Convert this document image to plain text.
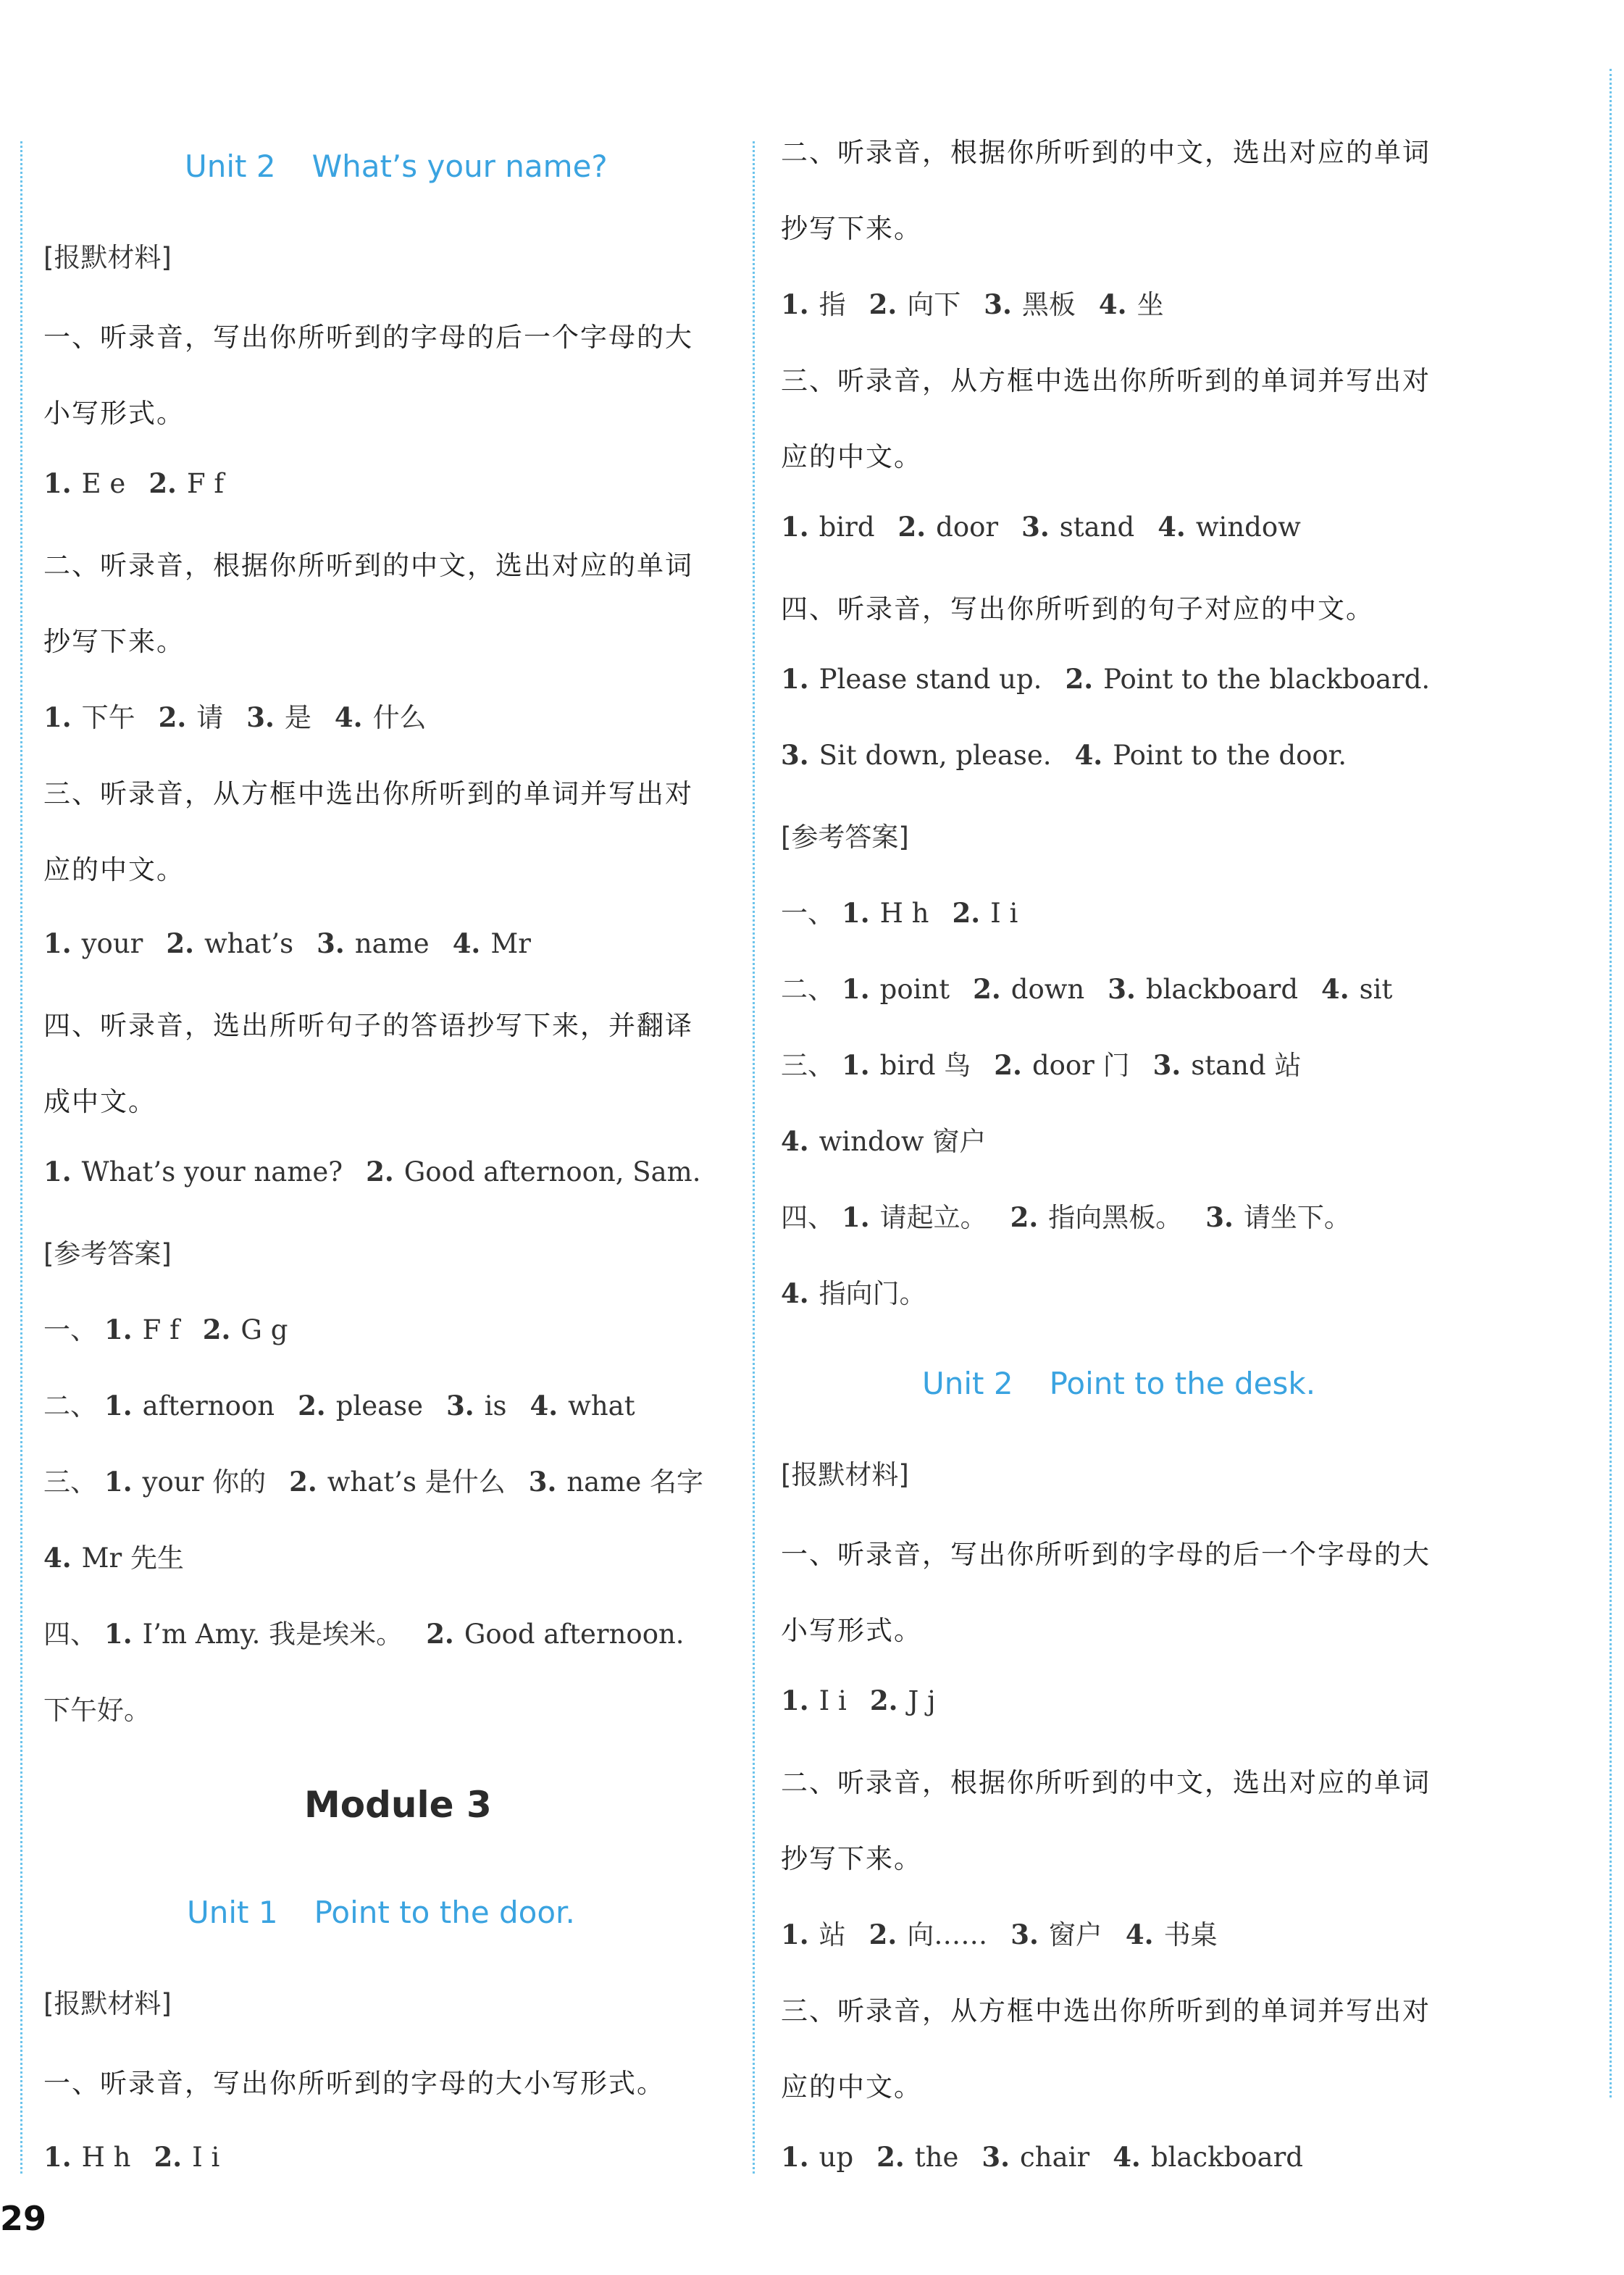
Unit 2 What’s your name?
[报默材料]
一、听录音，写出你所听到的字母的后一个字母的大
小写形式。
1. E e 2. F f
二、听录音，根据你所听到的中文，选出对应的单词
抄写下来。
1. 下午 2. 请 3. 是 4. 什么
三、听录音，从方框中选出你所听到的单词并写出对
应的中文。
1. your 2. what’s 3. name 4. Mr
四、听录音，选出所听句子的答语抄写下来，并翻译
成中文。
1. What’s your name? 2. Good afternoon, Sam.
[参考答案]
一、 1. F f 2. G g
二、 1. afternoon 2. please 3. is 4. what
三、 1. your 你的 2. what’s 是什么 3. name 名字
4. Mr 先生
四、 1. I’m Amy. 我是埃米。 2. Good afternoon.
下午好。
Module 3
Unit 1 Point to the door.
[报默材料]
一、听录音，写出你所听到的字母的大小写形式。
1. H h 2. I i
二、听录音，根据你所听到的中文，选出对应的单词
抄写下来。
1. 指 2. 向下 3. 黑板 4. 坐
三、听录音，从方框中选出你所听到的单词并写出对
应的中文。
1. bird 2. door 3. stand 4. window
四、听录音，写出你所听到的句子对应的中文。
1. Please stand up. 2. Point to the blackboard.
3. Sit down, please. 4. Point to the door.
[参考答案]
一、 1. H h 2. I i
二、 1. point 2. down 3. blackboard 4. sit
三、 1. bird 鸟 2. door 门 3. stand 站
4. window 窗户
四、 1. 请起立。 2. 指向黑板。 3. 请坐下。
4. 指向门。
Unit 2 Point to the desk.
[报默材料]
一、听录音，写出你所听到的字母的后一个字母的大
小写形式。
1. I i 2. J j
二、听录音，根据你所听到的中文，选出对应的单词
抄写下来。
1. 站 2. 向…… 3. 窗户 4. 书桌
三、听录音，从方框中选出你所听到的单词并写出对
应的中文。
1. up 2. the 3. chair 4. blackboard
29
